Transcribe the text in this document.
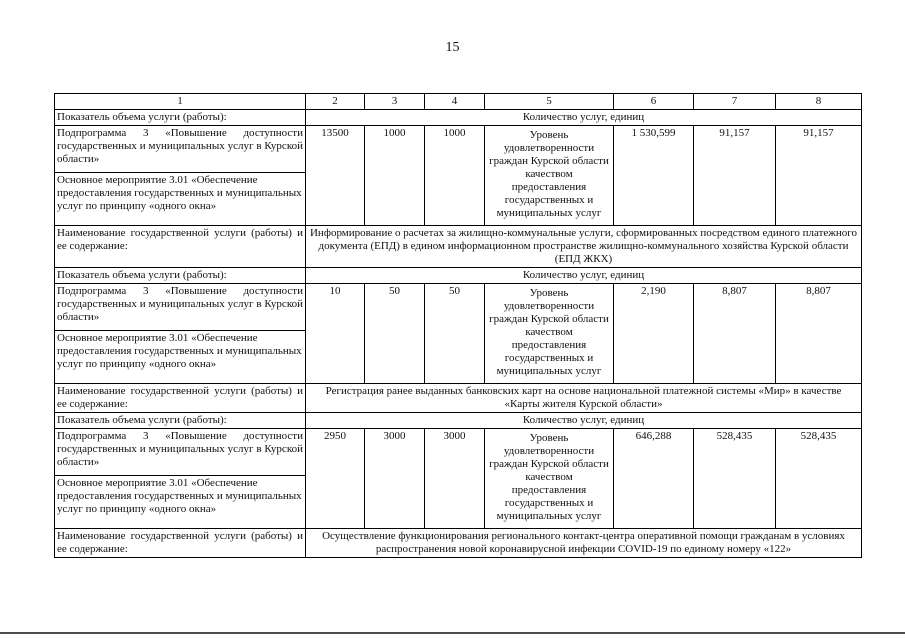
15
1	2	3	4	5	6	7	8
Показатель объема услуги (работы):	Количество услуг, единиц						
Подпрограмма 3 «Повышение доступности государственных и муниципальных услуг в Курской области»	13500	1000	1000	Уровень удовлетворенности граждан Курской области качеством предоставления государственных и муниципальных услуг	1 530,599	91,157	91,157
Основное мероприятие 3.01 «Обеспечение предоставления государственных и муниципальных услуг по принципу «одного окна»							
Наименование государственной услуги (работы) и ее содержание:	Информирование о расчетах за жилищно-коммунальные услуги, сформированных посредством единого платежного документа (ЕПД) в едином информационном пространстве жилищно-коммунального хозяйства Курской области (ЕПД ЖКХ)						
Показатель объема услуги (работы):	Количество услуг, единиц						
Подпрограмма 3 «Повышение доступности государственных и муниципальных услуг в Курской области»	10	50	50	Уровень удовлетворенности граждан Курской области качеством предоставления государственных и муниципальных услуг	2,190	8,807	8,807
Основное мероприятие 3.01 «Обеспечение предоставления государственных и муниципальных услуг по принципу «одного окна»							
Наименование государственной услуги (работы) и ее содержание:	Регистрация ранее выданных банковских карт на основе национальной платежной системы «Мир» в качестве «Карты жителя Курской области»						
Показатель объема услуги (работы):	Количество услуг, единиц						
Подпрограмма 3 «Повышение доступности государственных и муниципальных услуг в Курской области»	2950	3000	3000	Уровень удовлетворенности граждан Курской области качеством предоставления государственных и муниципальных услуг	646,288	528,435	528,435
Основное мероприятие 3.01 «Обеспечение предоставления государственных и муниципальных услуг по принципу «одного окна»							
Наименование государственной услуги (работы) и ее содержание:	Осуществление функционирования регионального контакт-центра оперативной помощи гражданам в условиях распространения новой коронавирусной инфекции COVID-19 по единому номеру «122»						
